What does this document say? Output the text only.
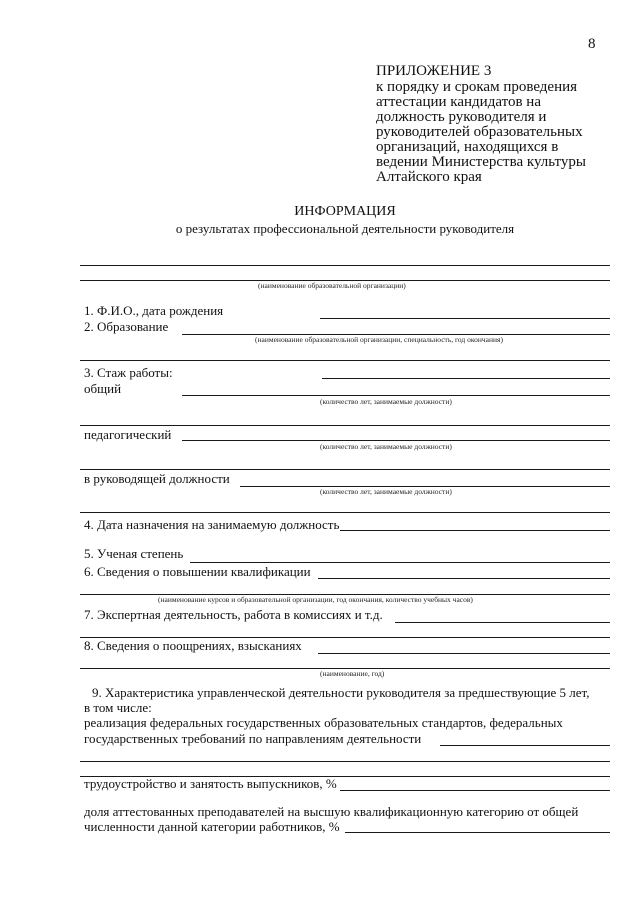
8
ПРИЛОЖЕНИЕ 3
к порядку и срокам проведения
аттестации кандидатов на
должность руководителя и
руководителей образовательных
организаций, находящихся в
ведении Министерства культуры
Алтайского края
ИНФОРМАЦИЯ
о результатах профессиональной деятельности руководителя
(наименование образовательной организации)
1. Ф.И.О., дата рождения
2. Образование
(наименование образовательной организации, специальность, год окончания)
3. Стаж работы:
общий
(количество лет, занимаемые должности)
педагогический
(количество лет, занимаемые должности)
в руководящей должности
(количество лет, занимаемые должности)
4. Дата назначения на занимаемую должность
5. Ученая степень
6. Сведения о повышении квалификации
(наименование курсов и образовательной организации, год окончания, количество учебных часов)
7. Экспертная деятельность, работа в комиссиях и т.д.
8. Сведения о поощрениях, взысканиях
(наименование, год)
9. Характеристика управленческой деятельности руководителя за предшествующие 5 лет,
в том числе:
реализация федеральных государственных образовательных стандартов, федеральных
государственных требований по направлениям деятельности
трудоустройство и занятость выпускников, %
доля аттестованных преподавателей на высшую квалификационную категорию от общей
численности данной категории работников, %
